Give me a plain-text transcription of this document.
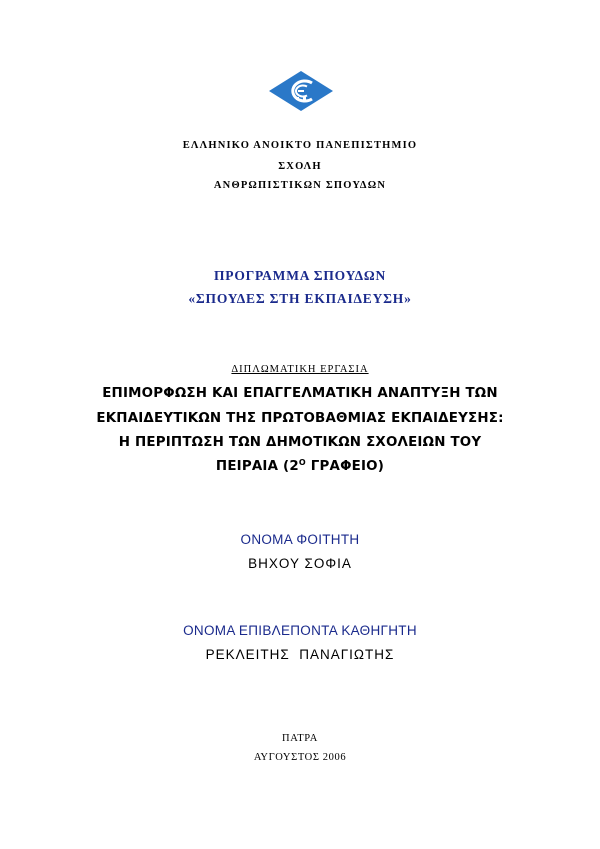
ΕΛΛΗΝΙΚΟ ΑΝΟΙΚΤΟ ΠΑΝΕΠΙΣΤΗΜΙΟ
ΣΧΟΛΗ
ΑΝΘΡΩΠΙΣΤΙΚΩΝ ΣΠΟΥΔΩΝ
ΠΡΟΓΡΑΜΜΑ ΣΠΟΥΔΩΝ
«ΣΠΟΥΔΕΣ ΣΤΗ ΕΚΠΑΙΔΕΥΣΗ»
ΔΙΠΛΩΜΑΤΙΚΗ ΕΡΓΑΣΙΑ
ΕΠΙΜΟΡΦΩΣΗ ΚΑΙ ΕΠΑΓΓΕΛΜΑΤΙΚΗ ΑΝΑΠΤΥΞΗ ΤΩΝ
ΕΚΠΑΙΔΕΥΤΙΚΩΝ ΤΗΣ ΠΡΩΤΟΒΑΘΜΙΑΣ ΕΚΠΑΙΔΕΥΣΗΣ:
Η ΠΕΡΙΠΤΩΣΗ ΤΩΝ ΔΗΜΟΤΙΚΩΝ ΣΧΟΛΕΙΩΝ ΤΟΥ
ΠΕΙΡΑΙΑ ($2^O$ ΓΡΑΦΕΙΟ)
ΟΝΟΜΑ ΦΟΙΤΗΤΗ
ΒΗΧΟΥ ΣΟΦΙΑ
ΟΝΟΜΑ ΕΠΙΒΛΕΠΟΝΤΑ ΚΑΘΗΓΗΤΗ
ΡΕΚΛΕΙΤΗΣ  ΠΑΝΑΓΙΩΤΗΣ
ΠΑΤΡΑ
ΑΥΓΟΥΣΤΟΣ 2006
